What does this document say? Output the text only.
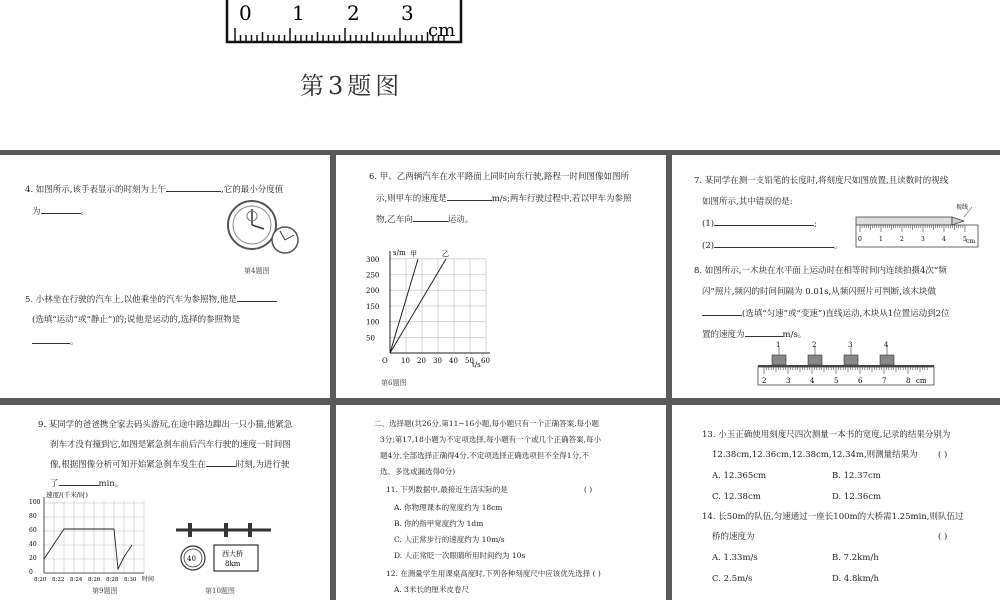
0 1 2 3
cm
第3题图

4. 如图所示,该手表显示的时刻为上午	,它的最小分度值

为	。

第4题图

5. 小林坐在行驶的汽车上,以他乘坐的汽车为参照物,他是

(选填“运动”或“静止”)的;说他是运动的,选择的参照物是

。

6. 甲、乙两辆汽车在水平路面上同时向东行驶,路程一时间图像如图所

示,则甲车的速度是	m/s;两车行驶过程中,若以甲车为参照

物,乙车向	运动。

s/m 甲	乙
O	t/s
300
250
200
150
100
50
10 20 30 40 50 60
第6题图

7. 某同学在测一支铅笔的长度时,将刻度尺如图放置,且读数时的视线

如图所示,其中错误的是:

(1)	;

(2)	。

0	1	2	3	4	5
视线
cm

8. 如图所示,一木块在水平面上运动时在相等时间内连续拍摄4次“频

闪”照片,频闪的时间间隔为 0.01s,从频闪照片可判断,该木块做

(选填“匀速”或“变速”)直线运动,木块从1位置运动到2位

置的速度为	m/s。

1	2	3	4
2	3	4	5	6	7	8 cm

9. 某同学的爸爸携全家去码头游玩,在途中路边蹿出一只小猫,他紧急

刹车才没有撞到它,如图是紧急刹车前后汽车行驶的速度一时间图

像,根据图像分析可知开始紧急刹车发生在	时刻,为进行驶

了	min。

速度/(千米/时)
时间
100
80
60
40
20
0
8:20 8:22 8:24 8:26 8:28 8:30
第9题图
40
西大桥
8km
第10题图

二、选择题(共26分,第11~16小题,每小题只有一个正确答案,每小题

3分;第17,18小题为不定项选择,每小题有一个或几个正确答案,每小

题4分,全部选择正确得4分,不定项选择正确选项但不全得1分,不

选、多选或漏选得0分)

11. 下列数据中,最接近生活实际的是	( )

A. 你物理课本的宽度约为 18cm

B. 你的指甲宽度约为 1dm

C. 人正常步行的速度约为 10m/s

D. 人正常眨一次眼睛所用时间约为 10s

12. 在测量学生用课桌高度时,下列各种刻度尺中应该优先选择 ( )

A. 3米长的厘米皮卷尺

13. 小玉正确使用刻度尺四次测量一本书的宽度,记录的结果分别为

12.38cm,12.36cm,12.38cm,12.34m,则测量结果为 ( )

A. 12.365cm	B. 12.37cm

C. 12.38cm	D. 12.36cm

14. 长50m的队伍,匀速通过一座长100m的大桥需1.25min,则队伍过

桥的速度为	( )

A. 1.33m/s	B. 7.2km/h

C. 2.5m/s	D. 4.8km/h
